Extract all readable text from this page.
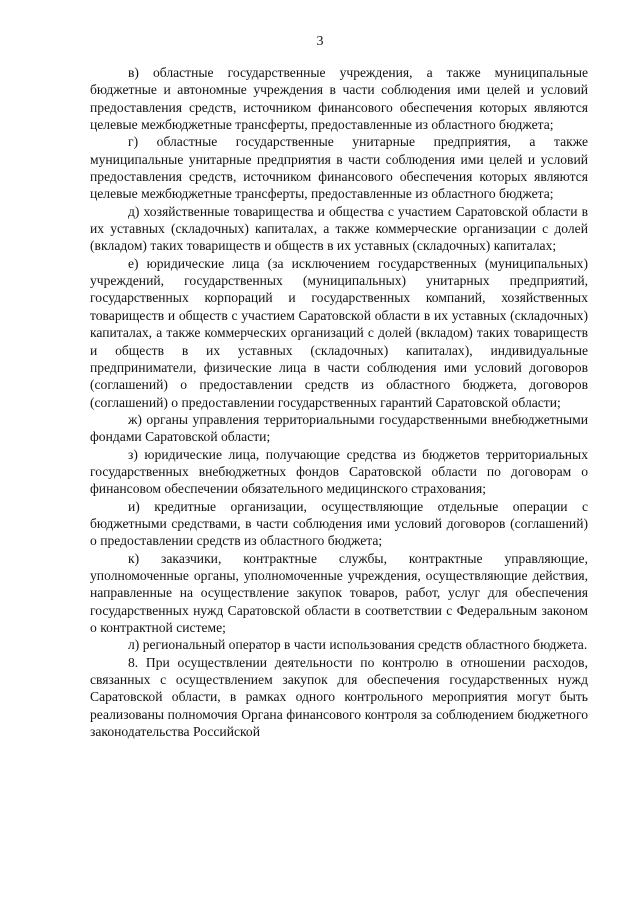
3

в) областные государственные учреждения, а также муниципальные бюджетные и автономные учреждения в части соблюдения ими целей и условий предоставления средств, источником финансового обеспечения которых являются целевые межбюджетные трансферты, предоставленные из областного бюджета;

г) областные государственные унитарные предприятия, а также муниципальные унитарные предприятия в части соблюдения ими целей и условий предоставления средств, источником финансового обеспечения которых являются целевые межбюджетные трансферты, предоставленные из областного бюджета;

д) хозяйственные товарищества и общества с участием Саратовской области в их уставных (складочных) капиталах, а также коммерческие организации с долей (вкладом) таких товариществ и обществ в их уставных (складочных) капиталах;

е) юридические лица (за исключением государственных (муниципальных) учреждений, государственных (муниципальных) унитарных предприятий, государственных корпораций и государственных компаний, хозяйственных товариществ и обществ с участием Саратовской области в их уставных (складочных) капиталах, а также коммерческих организаций с долей (вкладом) таких товариществ и обществ в их уставных (складочных) капиталах), индивидуальные предприниматели, физические лица в части соблюдения ими условий договоров (соглашений) о предоставлении средств из областного бюджета, договоров (соглашений) о предоставлении государственных гарантий Саратовской области;

ж) органы управления территориальными государственными внебюджетными фондами Саратовской области;

з) юридические лица, получающие средства из бюджетов территориальных государственных внебюджетных фондов Саратовской области по договорам о финансовом обеспечении обязательного медицинского страхования;

и) кредитные организации, осуществляющие отдельные операции с бюджетными средствами, в части соблюдения ими условий договоров (соглашений) о предоставлении средств из областного бюджета;

к) заказчики, контрактные службы, контрактные управляющие, уполномоченные органы, уполномоченные учреждения, осуществляющие действия, направленные на осуществление закупок товаров, работ, услуг для обеспечения государственных нужд Саратовской области в соответствии с Федеральным законом о контрактной системе;

л) региональный оператор в части использования средств областного бюджета.

8. При осуществлении деятельности по контролю в отношении расходов, связанных с осуществлением закупок для обеспечения государственных нужд Саратовской области, в рамках одного контрольного мероприятия могут быть реализованы полномочия Органа финансового контроля за соблюдением бюджетного законодательства Российской
